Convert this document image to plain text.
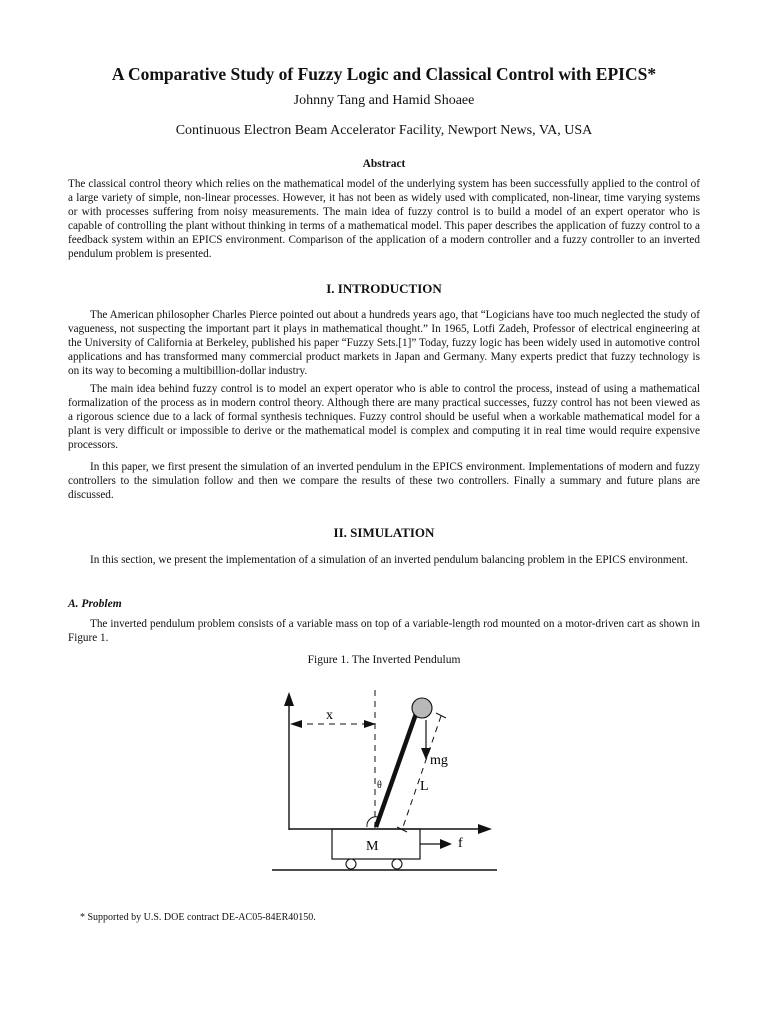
A Comparative Study of Fuzzy Logic and Classical Control with EPICS*

Johnny Tang and Hamid Shoaee

Continuous Electron Beam Accelerator Facility, Newport News, VA, USA

Abstract

The classical control theory which relies on the mathematical model of the underlying system has been successfully applied to the control of a large variety of simple, non-linear processes. However, it has not been as widely used with complicated, non-linear, time varying systems or with processes suffering from noisy measurements. The main idea of fuzzy control is to build a model of an expert operator who is capable of controlling the plant without thinking in terms of a mathematical model. This paper describes the application of fuzzy control to a feedback system within an EPICS environment. Comparison of the application of a modern controller and a fuzzy controller to an inverted pendulum problem is presented.

I. INTRODUCTION

The American philosopher Charles Pierce pointed out about a hundreds years ago, that “Logicians have too much neglected the study of vagueness, not suspecting the important part it plays in mathematical thought.” In 1965, Lotfi Zadeh, Professor of electrical engineering at the University of California at Berkeley, published his paper “Fuzzy Sets.[1]” Today, fuzzy logic has been widely used in automotive control applications and has transformed many commercial product markets in Japan and Germany. Many experts predict that fuzzy technology is on its way to becoming a multibillion-dollar industry.

The main idea behind fuzzy control is to model an expert operator who is able to control the process, instead of using a mathematical formalization of the process as in modern control theory. Although there are many practical successes, fuzzy control has not been viewed as a rigorous science due to a lack of formal synthesis techniques. Fuzzy control should be useful when a workable mathematical model for a plant is very difficult or impossible to derive or the mathematical model is complex and computing it in real time would require expensive processors.

In this paper, we first present the simulation of an inverted pendulum in the EPICS environment. Implementations of modern and fuzzy controllers to the simulation follow and then we compare the results of these two controllers. Finally a summary and future plans are discussed.

II. SIMULATION

In this section, we present the implementation of a simulation of an inverted pendulum balancing problem in the EPICS environment.

A. Problem

The inverted pendulum problem consists of a variable mass on top of a variable-length rod mounted on a motor-driven cart as shown in Figure 1.

Figure 1. The Inverted Pendulum

x
M	f
θ
mg
L

* Supported by U.S. DOE contract DE-AC05-84ER40150.
